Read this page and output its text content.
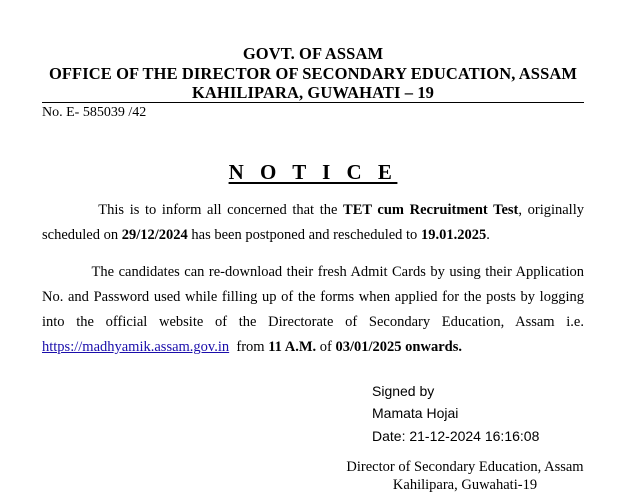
GOVT. OF ASSAM
OFFICE OF THE DIRECTOR OF SECONDARY EDUCATION, ASSAM
KAHILIPARA, GUWAHATI – 19
No. E- 585039 /42
N O T I C E
This is to inform all concerned that the TET cum Recruitment Test, originally
scheduled on 29/12/2024 has been postponed and rescheduled to 19.01.2025.
The candidates can re-download their fresh Admit Cards by using their Application
No. and Password used while filling up of the forms when applied for the posts by logging
into the official website of the Directorate of Secondary Education, Assam i.e.
https://madhyamik.assam.gov.in  from 11 A.M. of 03/01/2025 onwards.
Signed by
Mamata Hojai
Date: 21-12-2024 16:16:08
Director of Secondary Education, Assam
Kahilipara, Guwahati-19
